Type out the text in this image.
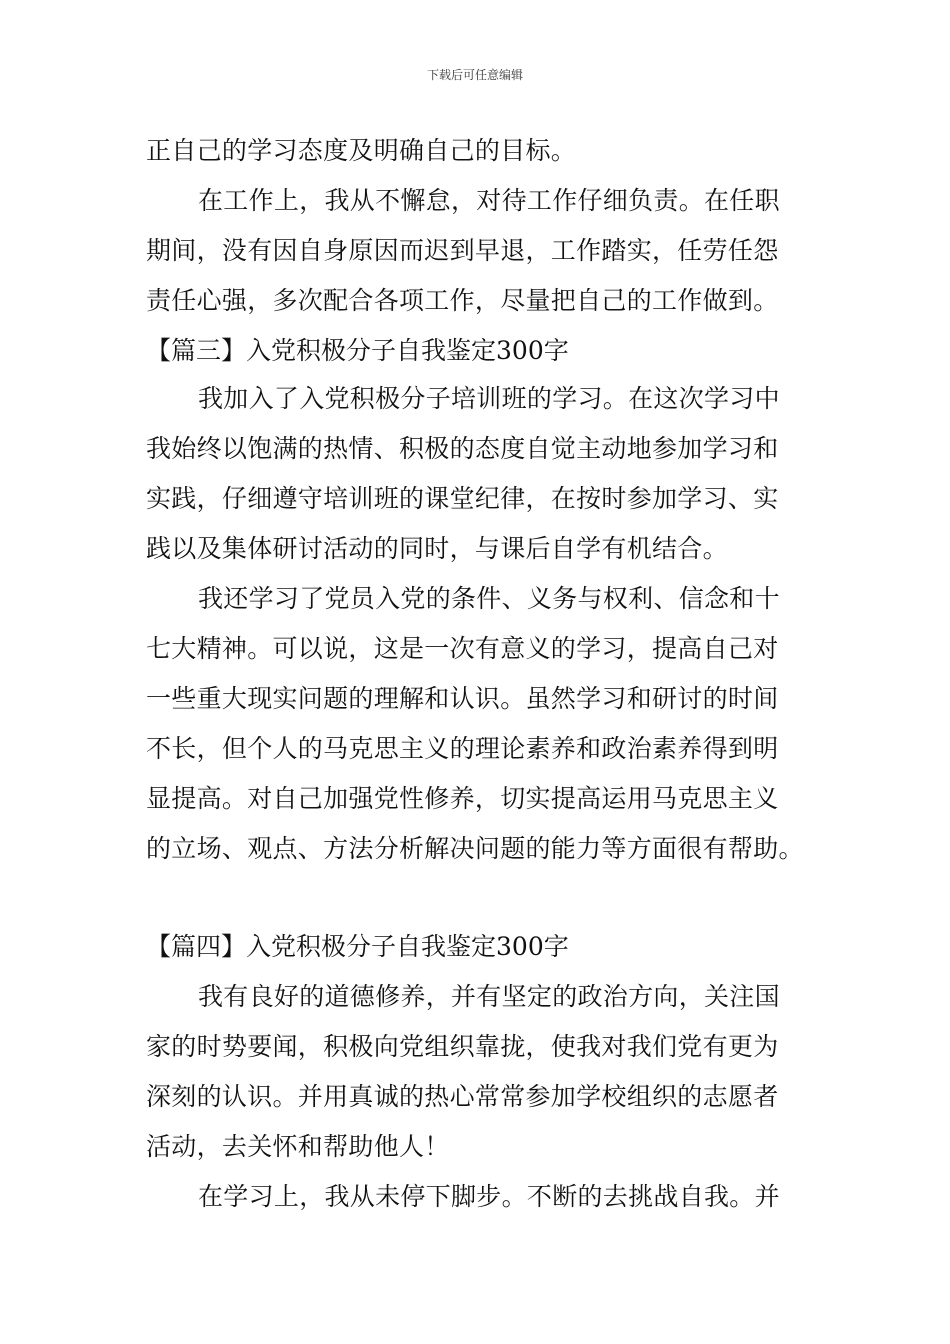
下载后可任意编辑
正自己的学习态度及明确自己的目标。
在工作上，我从不懈怠，对待工作仔细负责。在任职
期间，没有因自身原因而迟到早退，工作踏实，任劳任怨
责任心强，多次配合各项工作，尽量把自己的工作做到。
【篇三】入党积极分子自我鉴定300字
我加入了入党积极分子培训班的学习。在这次学习中
我始终以饱满的热情、积极的态度自觉主动地参加学习和
实践，仔细遵守培训班的课堂纪律，在按时参加学习、实
践以及集体研讨活动的同时，与课后自学有机结合。
我还学习了党员入党的条件、义务与权利、信念和十
七大精神。可以说，这是一次有意义的学习，提高自己对
一些重大现实问题的理解和认识。虽然学习和研讨的时间
不长，但个人的马克思主义的理论素养和政治素养得到明
显提高。对自己加强党性修养，切实提高运用马克思主义
的立场、观点、方法分析解决问题的能力等方面很有帮助。
【篇四】入党积极分子自我鉴定300字
我有良好的道德修养，并有坚定的政治方向，关注国
家的时势要闻，积极向党组织靠拢，使我对我们党有更为
深刻的认识。并用真诚的热心常常参加学校组织的志愿者
活动，去关怀和帮助他人！
在学习上，我从未停下脚步。不断的去挑战自我。并
